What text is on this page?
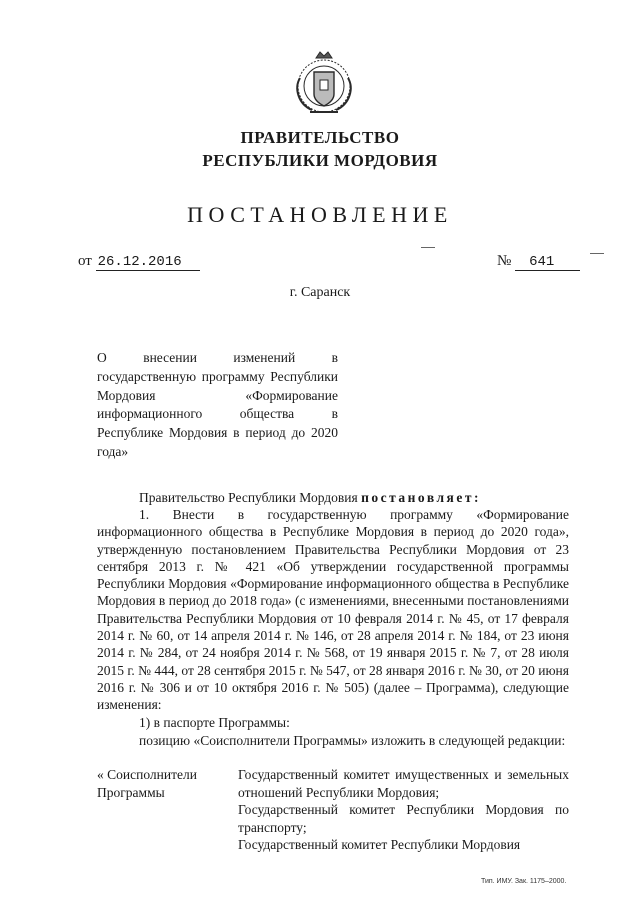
ПРАВИТЕЛЬСТВО
РЕСПУБЛИКИ МОРДОВИЯ
ПОСТАНОВЛЕНИЕ
от 26.12.2016	№ 641
г. Саранск
О внесении изменений в государственную программу Республики Мордовия «Формирование информационного общества в Республике Мордовия в период до 2020 года»
Правительство Республики Мордовия постановляет:
1. Внести в государственную программу «Формирование информационного общества в Республике Мордовия в период до 2020 года», утвержденную постановлением Правительства Республики Мордовия от 23 сентября 2013 г. № 421 «Об утверждении государственной программы Республики Мордовия «Формирование информационного общества в Республике Мордовия в период до 2018 года» (с изменениями, внесенными постановлениями Правительства Республики Мордовия от 10 февраля 2014 г. № 45, от 17 февраля 2014 г. № 60, от 14 апреля 2014 г. № 146, от 28 апреля 2014 г. № 184, от 23 июня 2014 г. № 284, от 24 ноября 2014 г. № 568, от 19 января 2015 г. № 7, от 28 июля 2015 г. № 444, от 28 сентября 2015 г. № 547, от 28 января 2016 г. № 30, от 20 июня 2016 г. № 306 и от 10 октября 2016 г. № 505) (далее – Программа), следующие изменения:
1) в паспорте Программы:
позицию «Соисполнители Программы» изложить в следующей редакции:
« Соисполнители Программы

Государственный комитет имущественных и земельных отношений Республики Мордовия;

Государственный комитет Республики Мордовия по транспорту;

Государственный комитет Республики Мордовия

Тип. ИМУ. Зак. 1175–2000.
